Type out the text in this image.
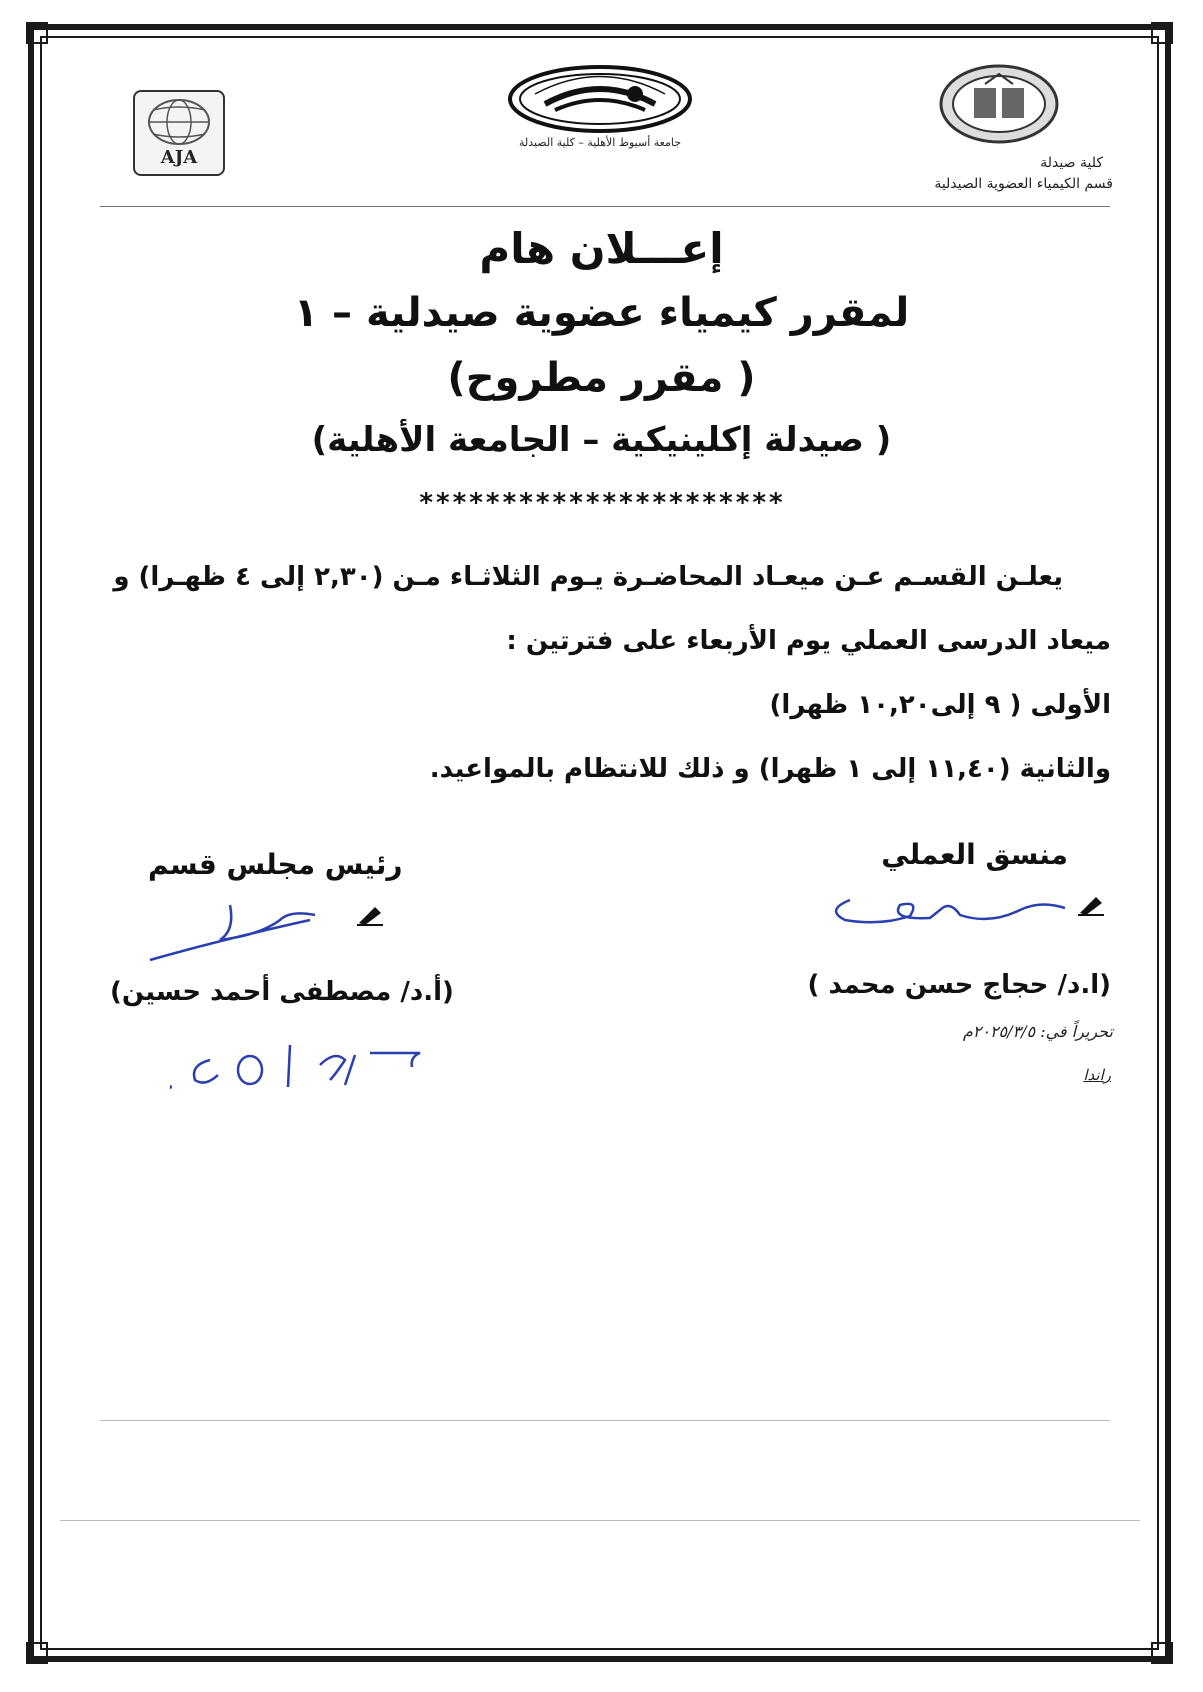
AJA
جامعة أسيوط الأهلية – كلية الصيدلة
كلية صيدلة
قسم الكيمياء العضوية الصيدلية
إعـــلان هام
لمقرر كيمياء عضوية صيدلية – ١
( مقرر مطروح)
( صيدلة إكلينيكية – الجامعة الأهلية)
**********************
يعلـن القسـم عـن ميعـاد المحاضـرة يـوم الثلاثـاء مـن (٢,٣٠ إلى ٤ ظهـرا) و
ميعاد الدرسى العملي يوم الأربعاء على فترتين :
الأولى ( ٩ إلى١٠,٢٠ ظهرا)
والثانية (١١,٤٠ إلى ١ ظهرا) و ذلك للانتظام بالمواعيد.
منسق العملي
رئيس مجلس قسم
(ا.د/ حجاج حسن محمد )
(أ.د/ مصطفى أحمد حسين)
تحريراً في: ٢٠٢٥/٣/٥م
راندا
